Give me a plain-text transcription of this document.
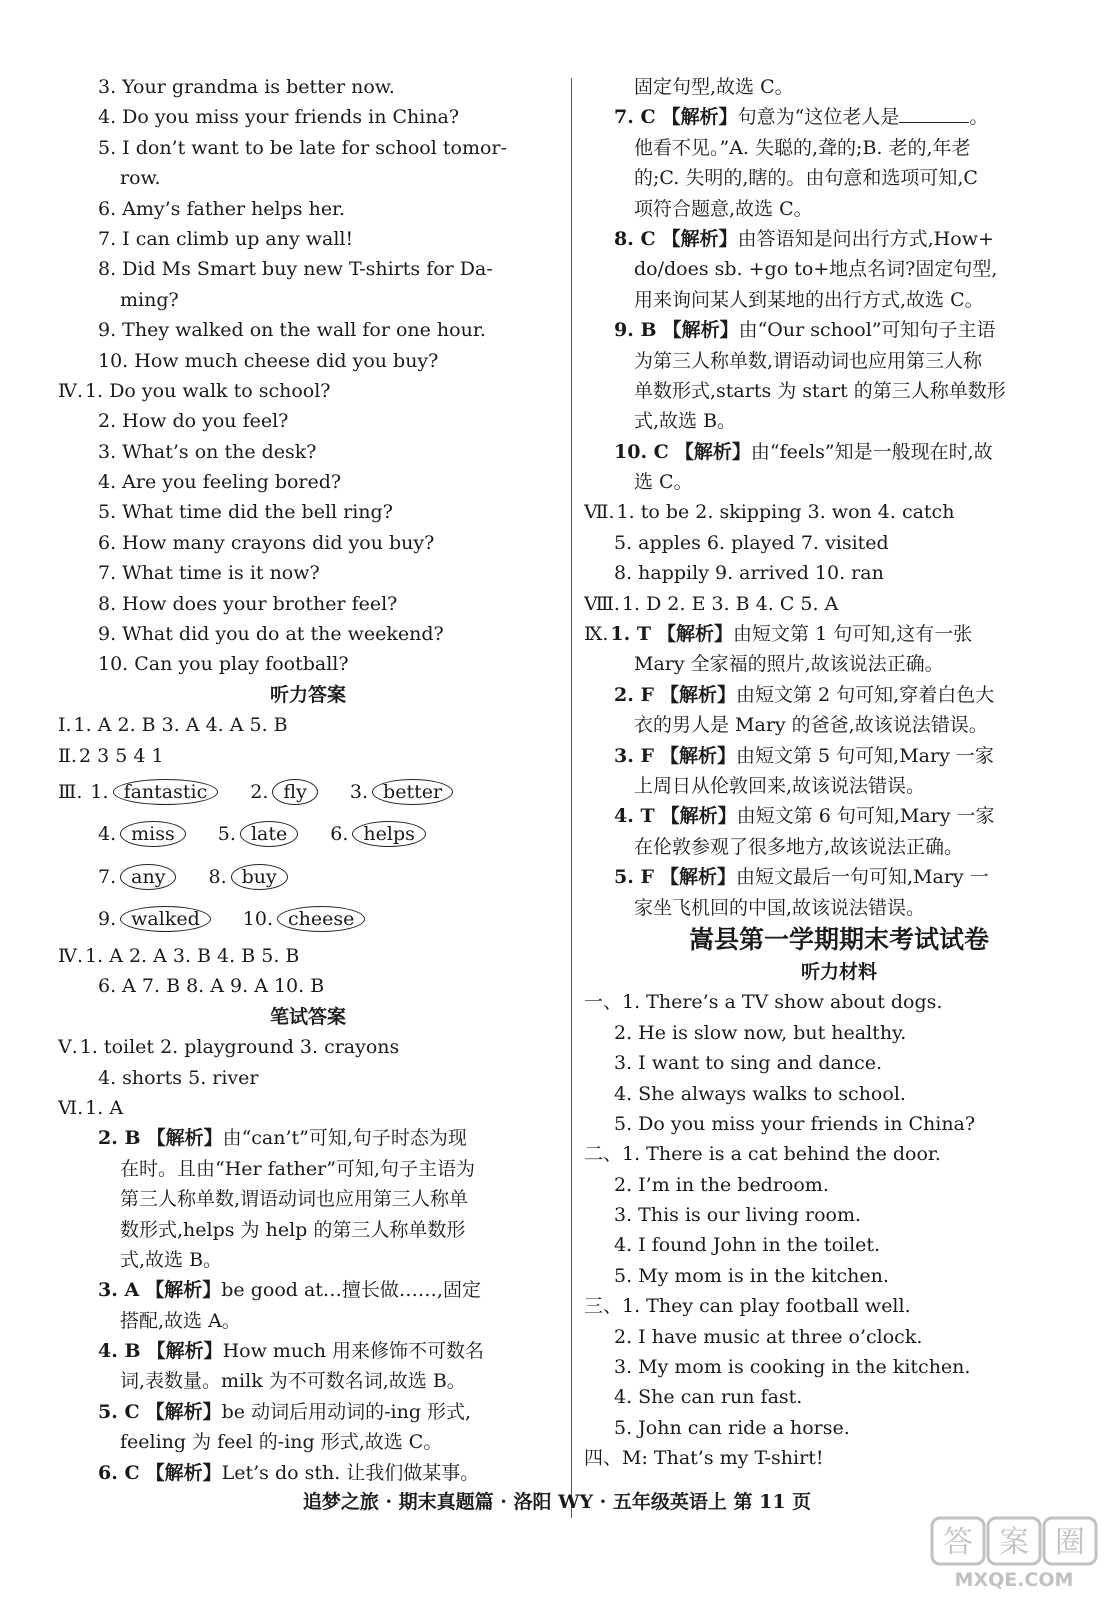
3. Your grandma is better now.
4. Do you miss your friends in China?
5. I don’t want to be late for school tomor-
row.
6. Amy’s father helps her.
7. I can climb up any wall!
8. Did Ms Smart buy new T-shirts for Da-
ming?
9. They walked on the wall for one hour.
10. How much cheese did you buy?
Ⅳ. 1. Do you walk to school?
2. How do you feel?
3. What’s on the desk?
4. Are you feeling bored?
5. What time did the bell ring?
6. How many crayons did you buy?
7. What time is it now?
8. How does your brother feel?
9. What did you do at the weekend?
10. Can you play football?
听力答案
Ⅰ. 1. A 2. B 3. A 4. A 5. B
Ⅱ. 2 3 5 4 1
Ⅲ. 1. fantastic 2. fly 3. better
4. miss 5. late 6. helps
7. any 8. buy
9. walked 10. cheese
Ⅳ. 1. A 2. A 3. B 4. B 5. B
6. A 7. B 8. A 9. A 10. B
笔试答案
Ⅴ. 1. toilet 2. playground 3. crayons
4. shorts 5. river
Ⅵ. 1. A
2. B 【解析】由“can’t”可知,句子时态为现
在时。且由“Her father”可知,句子主语为
第三人称单数,谓语动词也应用第三人称单
数形式,helps 为 help 的第三人称单数形
式,故选 B。
3. A 【解析】be good at…擅长做……,固定
搭配,故选 A。
4. B 【解析】How much 用来修饰不可数名
词,表数量。milk 为不可数名词,故选 B。
5. C 【解析】be 动词后用动词的-ing 形式,
feeling 为 feel 的-ing 形式,故选 C。
6. C 【解析】Let’s do sth. 让我们做某事。
固定句型,故选 C。
7. C 【解析】句意为“这位老人是	。
他看不见。”A. 失聪的,聋的;B. 老的,年老
的;C. 失明的,瞎的。由句意和选项可知,C
项符合题意,故选 C。
8. C 【解析】由答语知是问出行方式,How+
do/does sb. +go to+地点名词?固定句型,
用来询问某人到某地的出行方式,故选 C。
9. B 【解析】由“Our school”可知句子主语
为第三人称单数,谓语动词也应用第三人称
单数形式,starts 为 start 的第三人称单数形
式,故选 B。
10. C 【解析】由“feels”知是一般现在时,故
选 C。
Ⅶ. 1. to be 2. skipping 3. won 4. catch
5. apples 6. played 7. visited
8. happily 9. arrived 10. ran
Ⅷ. 1. D 2. E 3. B 4. C 5. A
Ⅸ. 1. T 【解析】由短文第 1 句可知,这有一张
Mary 全家福的照片,故该说法正确。
2. F 【解析】由短文第 2 句可知,穿着白色大
衣的男人是 Mary 的爸爸,故该说法错误。
3. F 【解析】由短文第 5 句可知,Mary 一家
上周日从伦敦回来,故该说法错误。
4. T 【解析】由短文第 6 句可知,Mary 一家
在伦敦参观了很多地方,故该说法正确。
5. F 【解析】由短文最后一句可知,Mary 一
家坐飞机回的中国,故该说法错误。
嵩县第一学期期末考试试卷
听力材料
一、1. There’s a TV show about dogs.
2. He is slow now, but healthy.
3. I want to sing and dance.
4. She always walks to school.
5. Do you miss your friends in China?
二、1. There is a cat behind the door.
2. I’m in the bedroom.
3. This is our living room.
4. I found John in the toilet.
5. My mom is in the kitchen.
三、1. They can play football well.
2. I have music at three o’clock.
3. My mom is cooking in the kitchen.
4. She can run fast.
5. John can ride a horse.
四、M: That’s my T-shirt!
追梦之旅 · 期末真题篇 · 洛阳 WY · 五年级英语上 第 11 页
答 案 圈
MXQE.COM
